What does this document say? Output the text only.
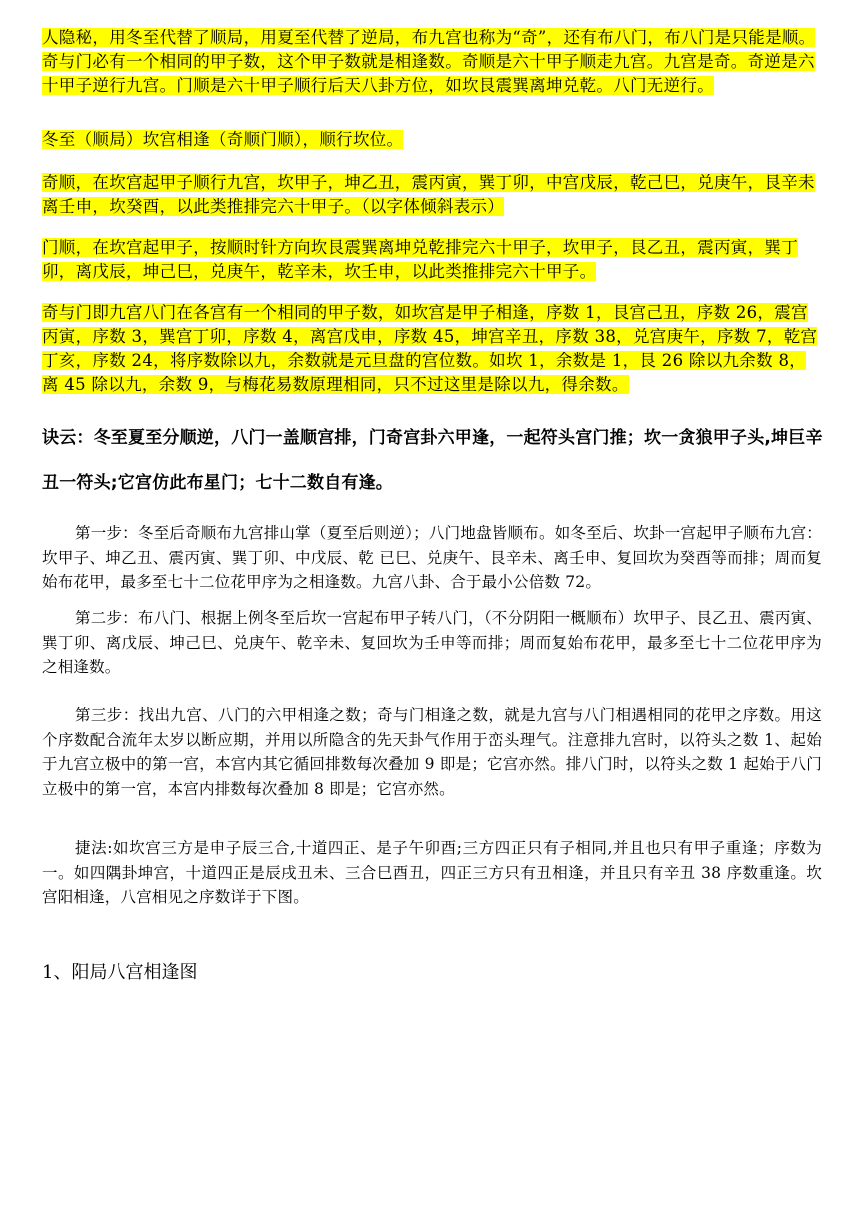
人隐秘，用冬至代替了顺局，用夏至代替了逆局，布九宫也称为“奇”，还有布八门，布八门是只能是顺。奇与门必有一个相同的甲子数，这个甲子数就是相逢数。奇顺是六十甲子顺走九宫。九宫是奇。奇逆是六十甲子逆行九宫。门顺是六十甲子顺行后天八卦方位，如坎艮震巽离坤兑乾。八门无逆行。

冬至（顺局）坎宫相逢（奇顺门顺），顺行坎位。

奇顺，在坎宫起甲子顺行九宫，坎甲子，坤乙丑，震丙寅，巽丁卯，中宫戊辰，乾己巳，兑庚午，艮辛未离壬申，坎癸酉，以此类推排完六十甲子。（以字体倾斜表示）

门顺，在坎宫起甲子，按顺时针方向坎艮震巽离坤兑乾排完六十甲子，坎甲子，艮乙丑，震丙寅，巽丁卯，离戊辰，坤己巳，兑庚午，乾辛未，坎壬申，以此类推排完六十甲子。

奇与门即九宫八门在各宫有一个相同的甲子数，如坎宫是甲子相逢，序数 1，艮宫己丑，序数 26，震宫丙寅，序数 3，巽宫丁卯，序数 4，离宫戊申，序数 45，坤宫辛丑，序数 38，兑宫庚午，序数 7，乾宫丁亥，序数 24，将序数除以九，余数就是元旦盘的宫位数。如坎 1，余数是 1，艮 26 除以九余数 8，离 45 除以九，余数 9，与梅花易数原理相同，只不过这里是除以九，得余数。

诀云：冬至夏至分顺逆，八门一盖顺宫排，门奇宫卦六甲逢，一起符头宫门推；坎一贪狼甲子头,坤巨辛丑一符头;它宫仿此布星门；七十二数自有逢。

第一步：冬至后奇顺布九宫排山掌（夏至后则逆）；八门地盘皆顺布。如冬至后、坎卦一宫起甲子顺布九宫：坎甲子、坤乙丑、震丙寅、巽丁卯、中戊辰、乾 已巳、兑庚午、艮辛未、离壬申、复回坎为癸酉等而排；周而复始布花甲，最多至七十二位花甲序为之相逢数。九宫八卦、合于最小公倍数 72。

第二步：布八门、根据上例冬至后坎一宫起布甲子转八门，（不分阴阳一概顺布）坎甲子、艮乙丑、震丙寅、巽丁卯、离戊辰、坤己巳、兑庚午、乾辛未、复回坎为壬申等而排；周而复始布花甲，最多至七十二位花甲序为之相逢数。

第三步：找出九宫、八门的六甲相逢之数；奇与门相逢之数，就是九宫与八门相遇相同的花甲之序数。用这个序数配合流年太岁以断应期，并用以所隐含的先天卦气作用于峦头理气。注意排九宫时，以符头之数 1、起始于九宫立极中的第一宫，本宫内其它循回排数每次叠加 9 即是；它宫亦然。排八门时，以符头之数 1 起始于八门立极中的第一宫，本宫内排数每次叠加 8 即是；它宫亦然。

捷法:如坎宫三方是申子辰三合,十道四正、是子午卯酉;三方四正只有子相同,并且也只有甲子重逢；序数为一。如四隅卦坤宫，十道四正是辰戌丑未、三合巳酉丑，四正三方只有丑相逢，并且只有辛丑 38 序数重逢。坎宫阳相逢，八宫相见之序数详于下图。

1、阳局八宫相逢图
